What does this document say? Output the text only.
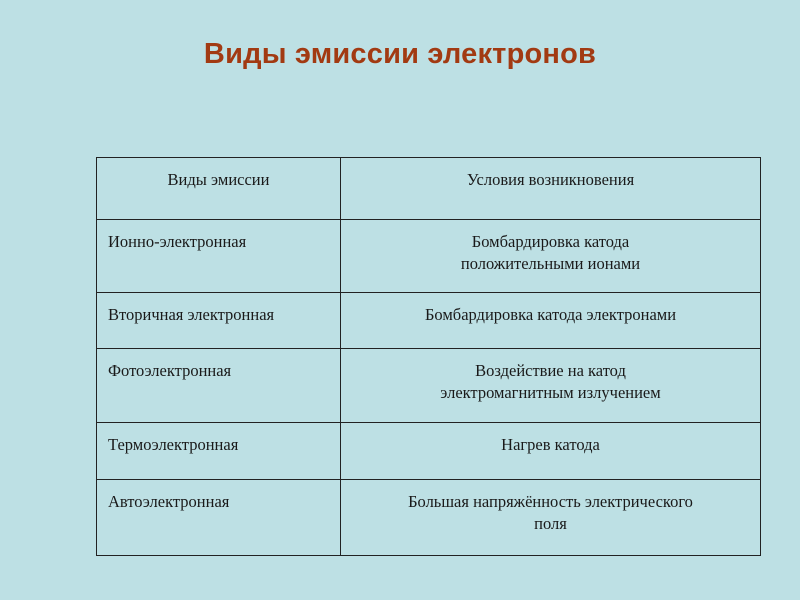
Виды эмиссии электронов
Виды эмиссии	Условия возникновения
Ионно-электронная	Бомбардировка катода
положительными ионами

Вторичная электронная	Бомбардировка катода электронами

Фотоэлектронная	Воздействие на катод
электромагнитным излучением

Термоэлектронная	Нагрев катода

Автоэлектронная	Большая напряжённость электрического
поля
